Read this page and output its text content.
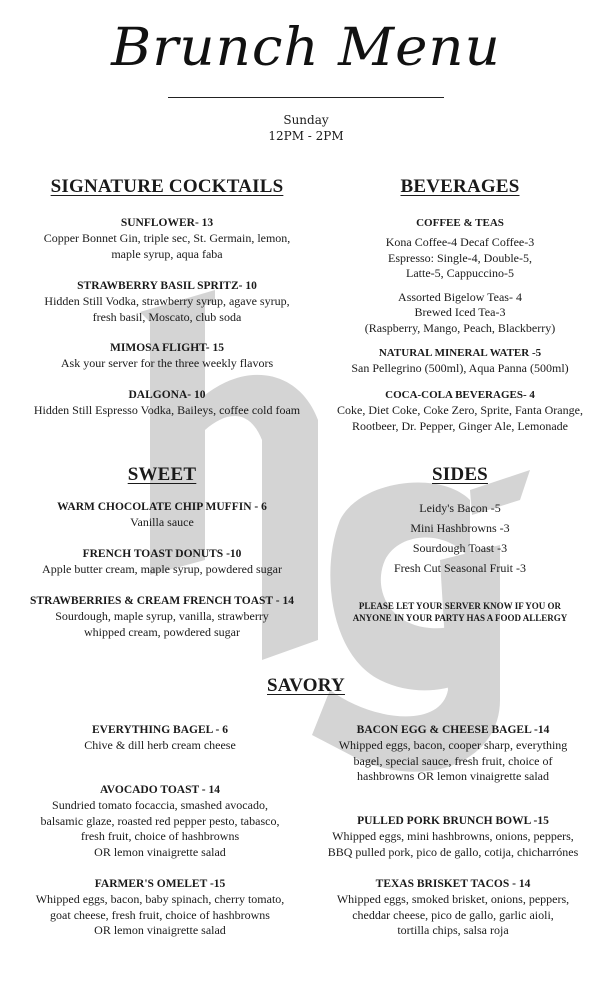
Brunch Menu
Sunday
12PM - 2PM
SIGNATURE COCKTAILS
SUNFLOWER- 13
Copper Bonnet Gin, triple sec, St. Germain, lemon,
maple syrup, aqua faba
STRAWBERRY BASIL SPRITZ- 10
Hidden Still Vodka, strawberry syrup, agave syrup,
fresh basil, Moscato, club soda
MIMOSA FLIGHT- 15
Ask your server for the three weekly flavors
DALGONA- 10
Hidden Still Espresso Vodka, Baileys, coffee cold foam
BEVERAGES
COFFEE & TEAS
Kona Coffee-4 Decaf Coffee-3
Espresso: Single-4, Double-5,
Latte-5, Cappuccino-5
Assorted Bigelow Teas- 4
Brewed Iced Tea-3
(Raspberry, Mango, Peach, Blackberry)
NATURAL MINERAL WATER -5
San Pellegrino (500ml), Aqua Panna (500ml)
COCA-COLA BEVERAGES- 4
Coke, Diet Coke, Coke Zero, Sprite, Fanta Orange,
Rootbeer, Dr. Pepper, Ginger Ale, Lemonade
SWEET
WARM CHOCOLATE CHIP MUFFIN - 6
Vanilla sauce
FRENCH TOAST DONUTS -10
Apple butter cream, maple syrup, powdered sugar
STRAWBERRIES & CREAM FRENCH TOAST - 14
Sourdough, maple syrup, vanilla, strawberry
whipped cream, powdered sugar
SIDES
Leidy's Bacon -5
Mini Hashbrowns -3
Sourdough Toast -3
Fresh Cut Seasonal Fruit -3
PLEASE LET YOUR SERVER KNOW IF YOU OR
ANYONE IN YOUR PARTY HAS A FOOD ALLERGY
SAVORY
EVERYTHING BAGEL - 6
Chive & dill herb cream cheese
AVOCADO TOAST - 14
Sundried tomato focaccia, smashed avocado,
balsamic glaze, roasted red pepper pesto, tabasco,
fresh fruit, choice of hashbrowns
OR lemon vinaigrette salad
FARMER'S OMELET -15
Whipped eggs, bacon, baby spinach, cherry tomato,
goat cheese, fresh fruit, choice of hashbrowns
OR lemon vinaigrette salad
BACON EGG & CHEESE BAGEL -14
Whipped eggs, bacon, cooper sharp, everything
bagel, special sauce, fresh fruit, choice of
hashbrowns OR lemon vinaigrette salad
PULLED PORK BRUNCH BOWL -15
Whipped eggs, mini hashbrowns, onions, peppers,
BBQ pulled pork, pico de gallo, cotija, chicharrónes
TEXAS BRISKET TACOS - 14
Whipped eggs, smoked brisket, onions, peppers,
cheddar cheese, pico de gallo, garlic aioli,
tortilla chips, salsa roja
